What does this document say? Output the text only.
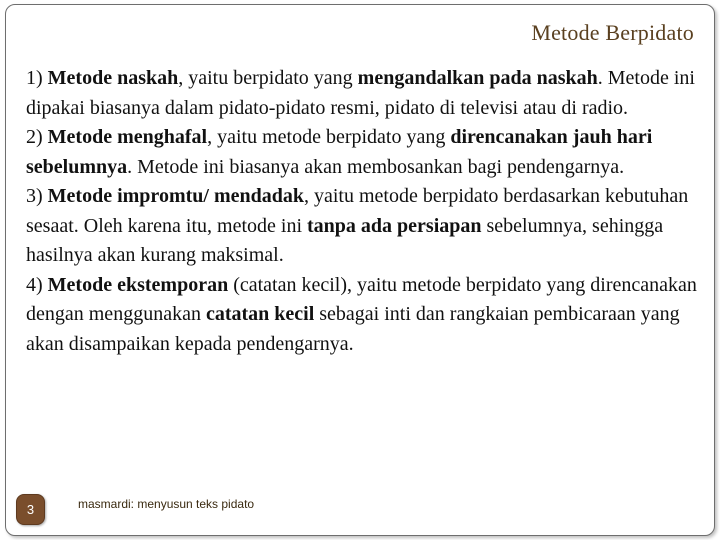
Metode Berpidato

1) Metode naskah, yaitu berpidato yang mengandalkan pada naskah. Metode ini dipakai biasanya dalam pidato-pidato resmi, pidato di televisi atau di radio.

2) Metode menghafal, yaitu metode berpidato yang direncanakan jauh hari sebelumnya. Metode ini biasanya akan membosankan bagi pendengarnya.

3) Metode impromtu/ mendadak, yaitu metode berpidato berdasarkan kebutuhan sesaat. Oleh karena itu, metode ini tanpa ada persiapan sebelumnya, sehingga hasilnya akan kurang maksimal.

4) Metode ekstemporan (catatan kecil), yaitu metode berpidato yang direncanakan dengan menggunakan catatan kecil sebagai inti dan rangkaian pembicaraan yang akan disampaikan kepada pendengarnya.

3	masmardi: menyusun teks pidato
